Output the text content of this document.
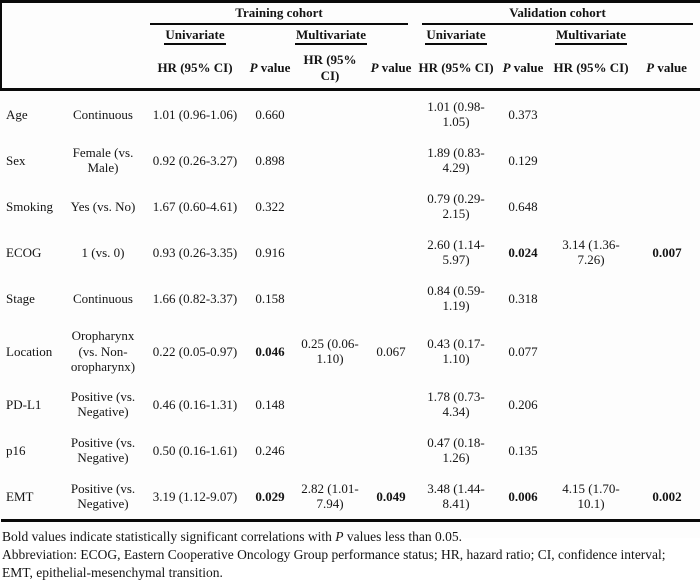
		Training cohort				Validation cohort			

		Univariate		Multivariate		Univariate		Multivariate	
		HR (95% CI)	P value	HR (95% CI)	P value	HR (95% CI)	P value	HR (95% CI)	P value
Age	Continuous	1.01 (0.96-1.06)	0.660			1.01 (0.98-1.05)	0.373		
Sex	Female (vs. Male)	0.92 (0.26-3.27)	0.898			1.89 (0.83-4.29)	0.129		
Smoking	Yes (vs. No)	1.67 (0.60-4.61)	0.322			0.79 (0.29-2.15)	0.648		
ECOG	1 (vs. 0)	0.93 (0.26-3.35)	0.916			2.60 (1.14-5.97)	0.024	3.14 (1.36-7.26)	0.007
Stage	Continuous	1.66 (0.82-3.37)	0.158			0.84 (0.59-1.19)	0.318		
Location	Oropharynx (vs. Non-oropharynx)	0.22 (0.05-0.97)	0.046	0.25 (0.06-1.10)	0.067	0.43 (0.17-1.10)	0.077		
PD-L1	Positive (vs. Negative)	0.46 (0.16-1.31)	0.148			1.78 (0.73-4.34)	0.206		
p16	Positive (vs. Negative)	0.50 (0.16-1.61)	0.246			0.47 (0.18-1.26)	0.135		
EMT	Positive (vs. Negative)	3.19 (1.12-9.07)	0.029	2.82 (1.01-7.94)	0.049	3.48 (1.44-8.41)	0.006	4.15 (1.70-10.1)	0.002

Bold values indicate statistically significant correlations with P values less than 0.05.

Abbreviation: ECOG, Eastern Cooperative Oncology Group performance status; HR, hazard ratio; CI, confidence interval; EMT, epithelial-mesenchymal transition.
